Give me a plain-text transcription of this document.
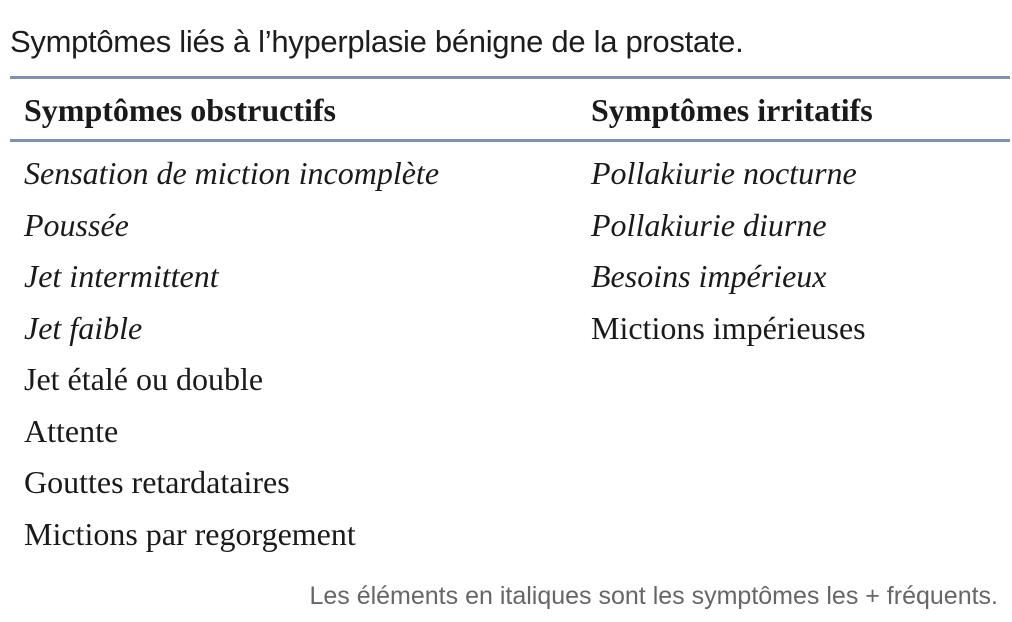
Symptômes liés à l’hyperplasie bénigne de la prostate.
Symptômes obstructifs	Symptômes irritatifs
Sensation de miction incomplète
Poussée
Jet intermittent
Jet faible
Jet étalé ou double
Attente
Gouttes retardataires
Mictions par regorgement
Pollakiurie nocturne
Pollakiurie diurne
Besoins impérieux
Mictions impérieuses
Les éléments en italiques sont les symptômes les + fréquents.
